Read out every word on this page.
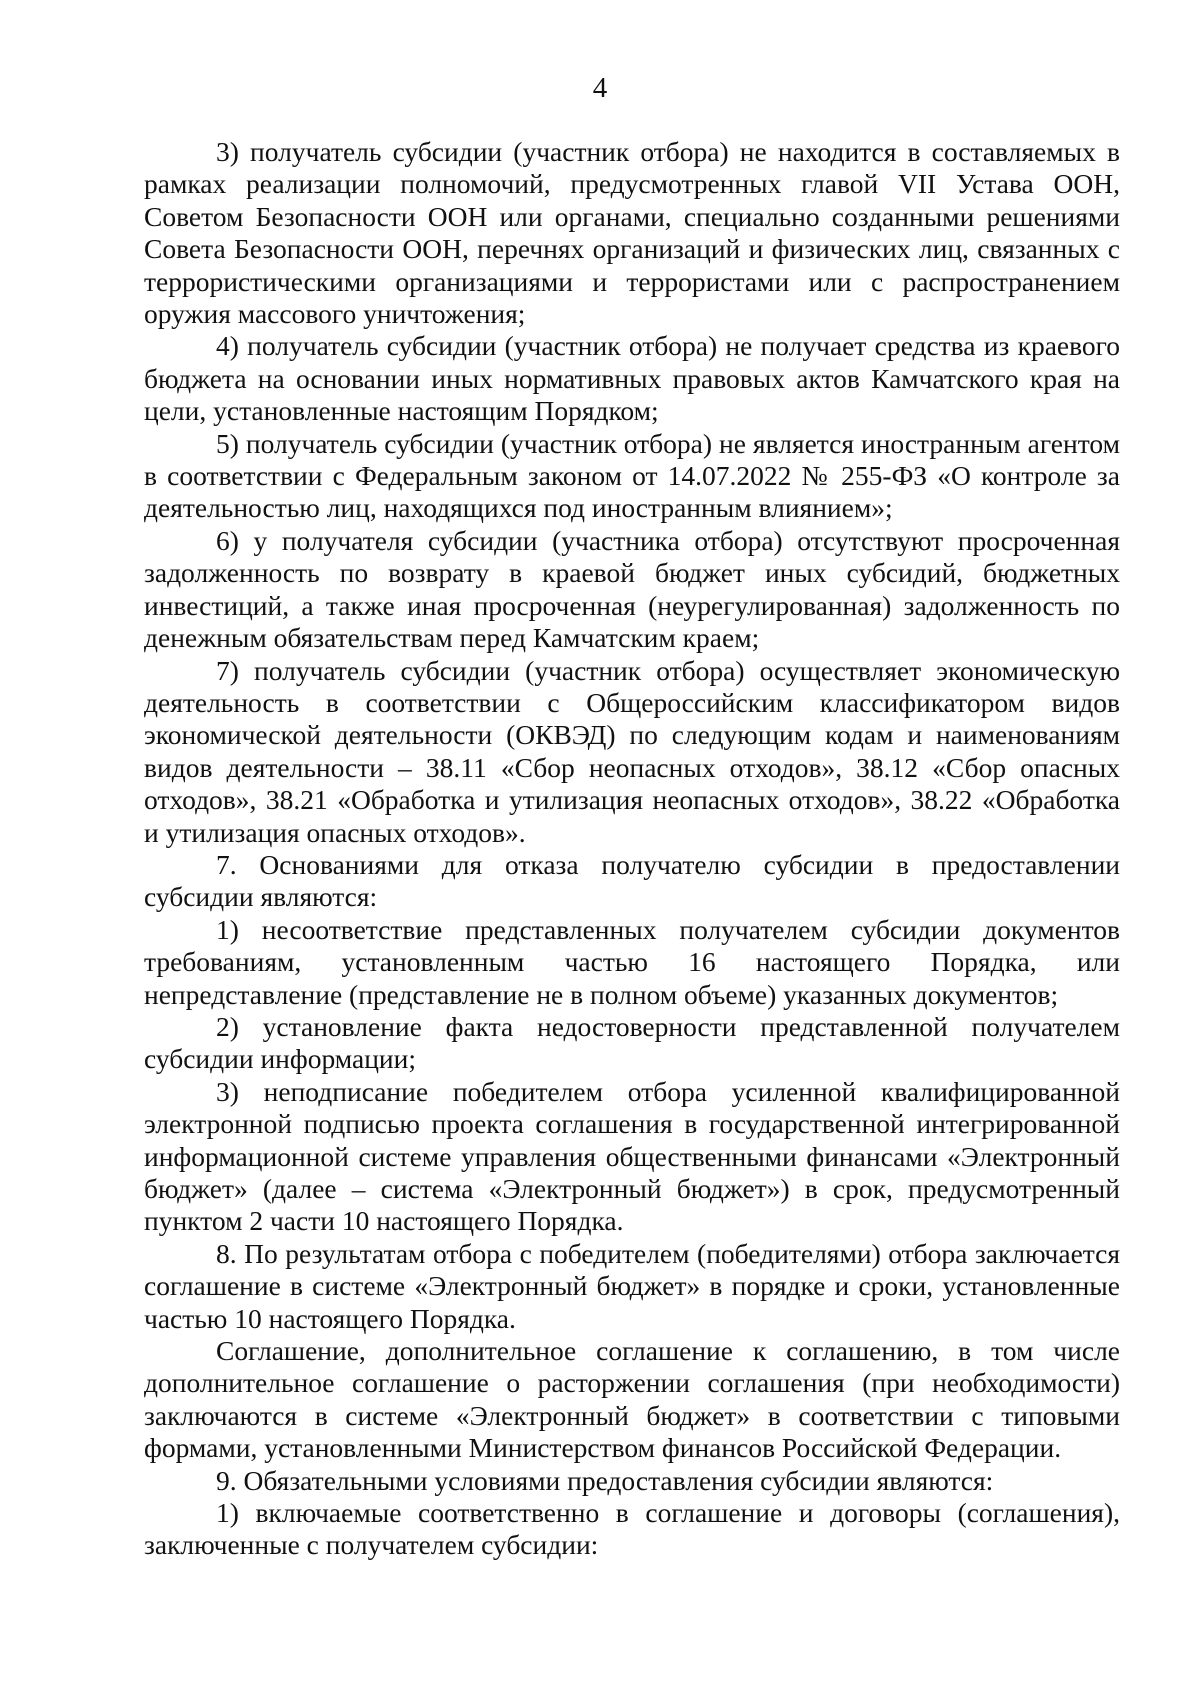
4

3) получатель субсидии (участник отбора) не находится в составляемых в рамках реализации полномочий, предусмотренных главой VII Устава ООН, Советом Безопасности ООН или органами, специально созданными решениями Совета Безопасности ООН, перечнях организаций и физических лиц, связанных с террористическими организациями и террористами или с распространением оружия массового уничтожения;

4) получатель субсидии (участник отбора) не получает средства из краевого бюджета на основании иных нормативных правовых актов Камчатского края на цели, установленные настоящим Порядком;

5) получатель субсидии (участник отбора) не является иностранным агентом в соответствии с Федеральным законом от 14.07.2022 № 255-ФЗ «О контроле за деятельностью лиц, находящихся под иностранным влиянием»;

6) у получателя субсидии (участника отбора) отсутствуют просроченная задолженность по возврату в краевой бюджет иных субсидий, бюджетных инвестиций, а также иная просроченная (неурегулированная) задолженность по денежным обязательствам перед Камчатским краем;

7) получатель субсидии (участник отбора) осуществляет экономическую деятельность в соответствии с Общероссийским классификатором видов экономической деятельности (ОКВЭД) по следующим кодам и наименованиям видов деятельности – 38.11 «Сбор неопасных отходов», 38.12 «Сбор опасных отходов», 38.21 «Обработка и утилизация неопасных отходов», 38.22 «Обработка и утилизация опасных отходов».

7. Основаниями для отказа получателю субсидии в предоставлении субсидии являются:

1) несоответствие представленных получателем субсидии документов требованиям, установленным частью 16 настоящего Порядка, или непредставление (представление не в полном объеме) указанных документов;

2) установление факта недостоверности представленной получателем субсидии информации;

3) неподписание победителем отбора усиленной квалифицированной электронной подписью проекта соглашения в государственной интегрированной информационной системе управления общественными финансами «Электронный бюджет» (далее – система «Электронный бюджет») в срок, предусмотренный пунктом 2 части 10 настоящего Порядка.

8. По результатам отбора с победителем (победителями) отбора заключается соглашение в системе «Электронный бюджет» в порядке и сроки, установленные частью 10 настоящего Порядка.

Соглашение, дополнительное соглашение к соглашению, в том числе дополнительное соглашение о расторжении соглашения (при необходимости) заключаются в системе «Электронный бюджет» в соответствии с типовыми формами, установленными Министерством финансов Российской Федерации.

9. Обязательными условиями предоставления субсидии являются:

1) включаемые соответственно в соглашение и договоры (соглашения), заключенные с получателем субсидии:
